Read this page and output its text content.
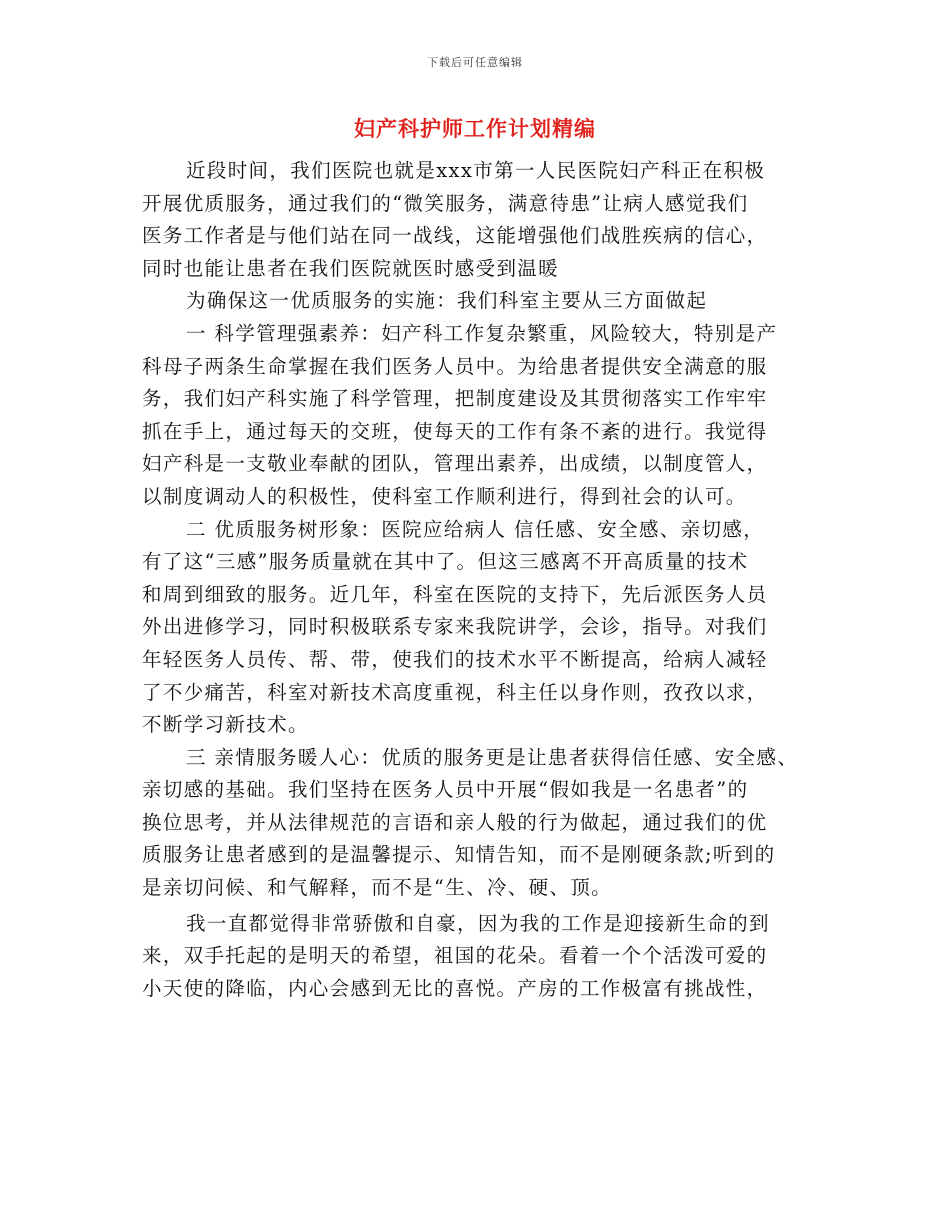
下载后可任意编辑
妇产科护师工作计划精编
近段时间，我们医院也就是xxx市第一人民医院妇产科正在积极
开展优质服务，通过我们的“微笑服务，满意待患”让病人感觉我们
医务工作者是与他们站在同一战线，这能增强他们战胜疾病的信心，
同时也能让患者在我们医院就医时感受到温暖
为确保这一优质服务的实施：我们科室主要从三方面做起
一 科学管理强素养：妇产科工作复杂繁重，风险较大，特别是产
科母子两条生命掌握在我们医务人员中。为给患者提供安全满意的服
务，我们妇产科实施了科学管理，把制度建设及其贯彻落实工作牢牢
抓在手上，通过每天的交班，使每天的工作有条不紊的进行。我觉得
妇产科是一支敬业奉献的团队，管理出素养，出成绩，以制度管人，
以制度调动人的积极性，使科室工作顺利进行，得到社会的认可。
二 优质服务树形象：医院应给病人 信任感、安全感、亲切感，
有了这“三感”服务质量就在其中了。但这三感离不开高质量的技术
和周到细致的服务。近几年，科室在医院的支持下，先后派医务人员
外出进修学习，同时积极联系专家来我院讲学，会诊，指导。对我们
年轻医务人员传、帮、带，使我们的技术水平不断提高，给病人减轻
了不少痛苦，科室对新技术高度重视，科主任以身作则，孜孜以求，
不断学习新技术。
三 亲情服务暖人心：优质的服务更是让患者获得信任感、安全感、
亲切感的基础。我们坚持在医务人员中开展“假如我是一名患者”的
换位思考，并从法律规范的言语和亲人般的行为做起，通过我们的优
质服务让患者感到的是温馨提示、知情告知，而不是刚硬条款;听到的
是亲切问候、和气解释，而不是“生、冷、硬、顶。
我一直都觉得非常骄傲和自豪，因为我的工作是迎接新生命的到
来，双手托起的是明天的希望，祖国的花朵。看着一个个活泼可爱的
小天使的降临，内心会感到无比的喜悦。产房的工作极富有挑战性，
